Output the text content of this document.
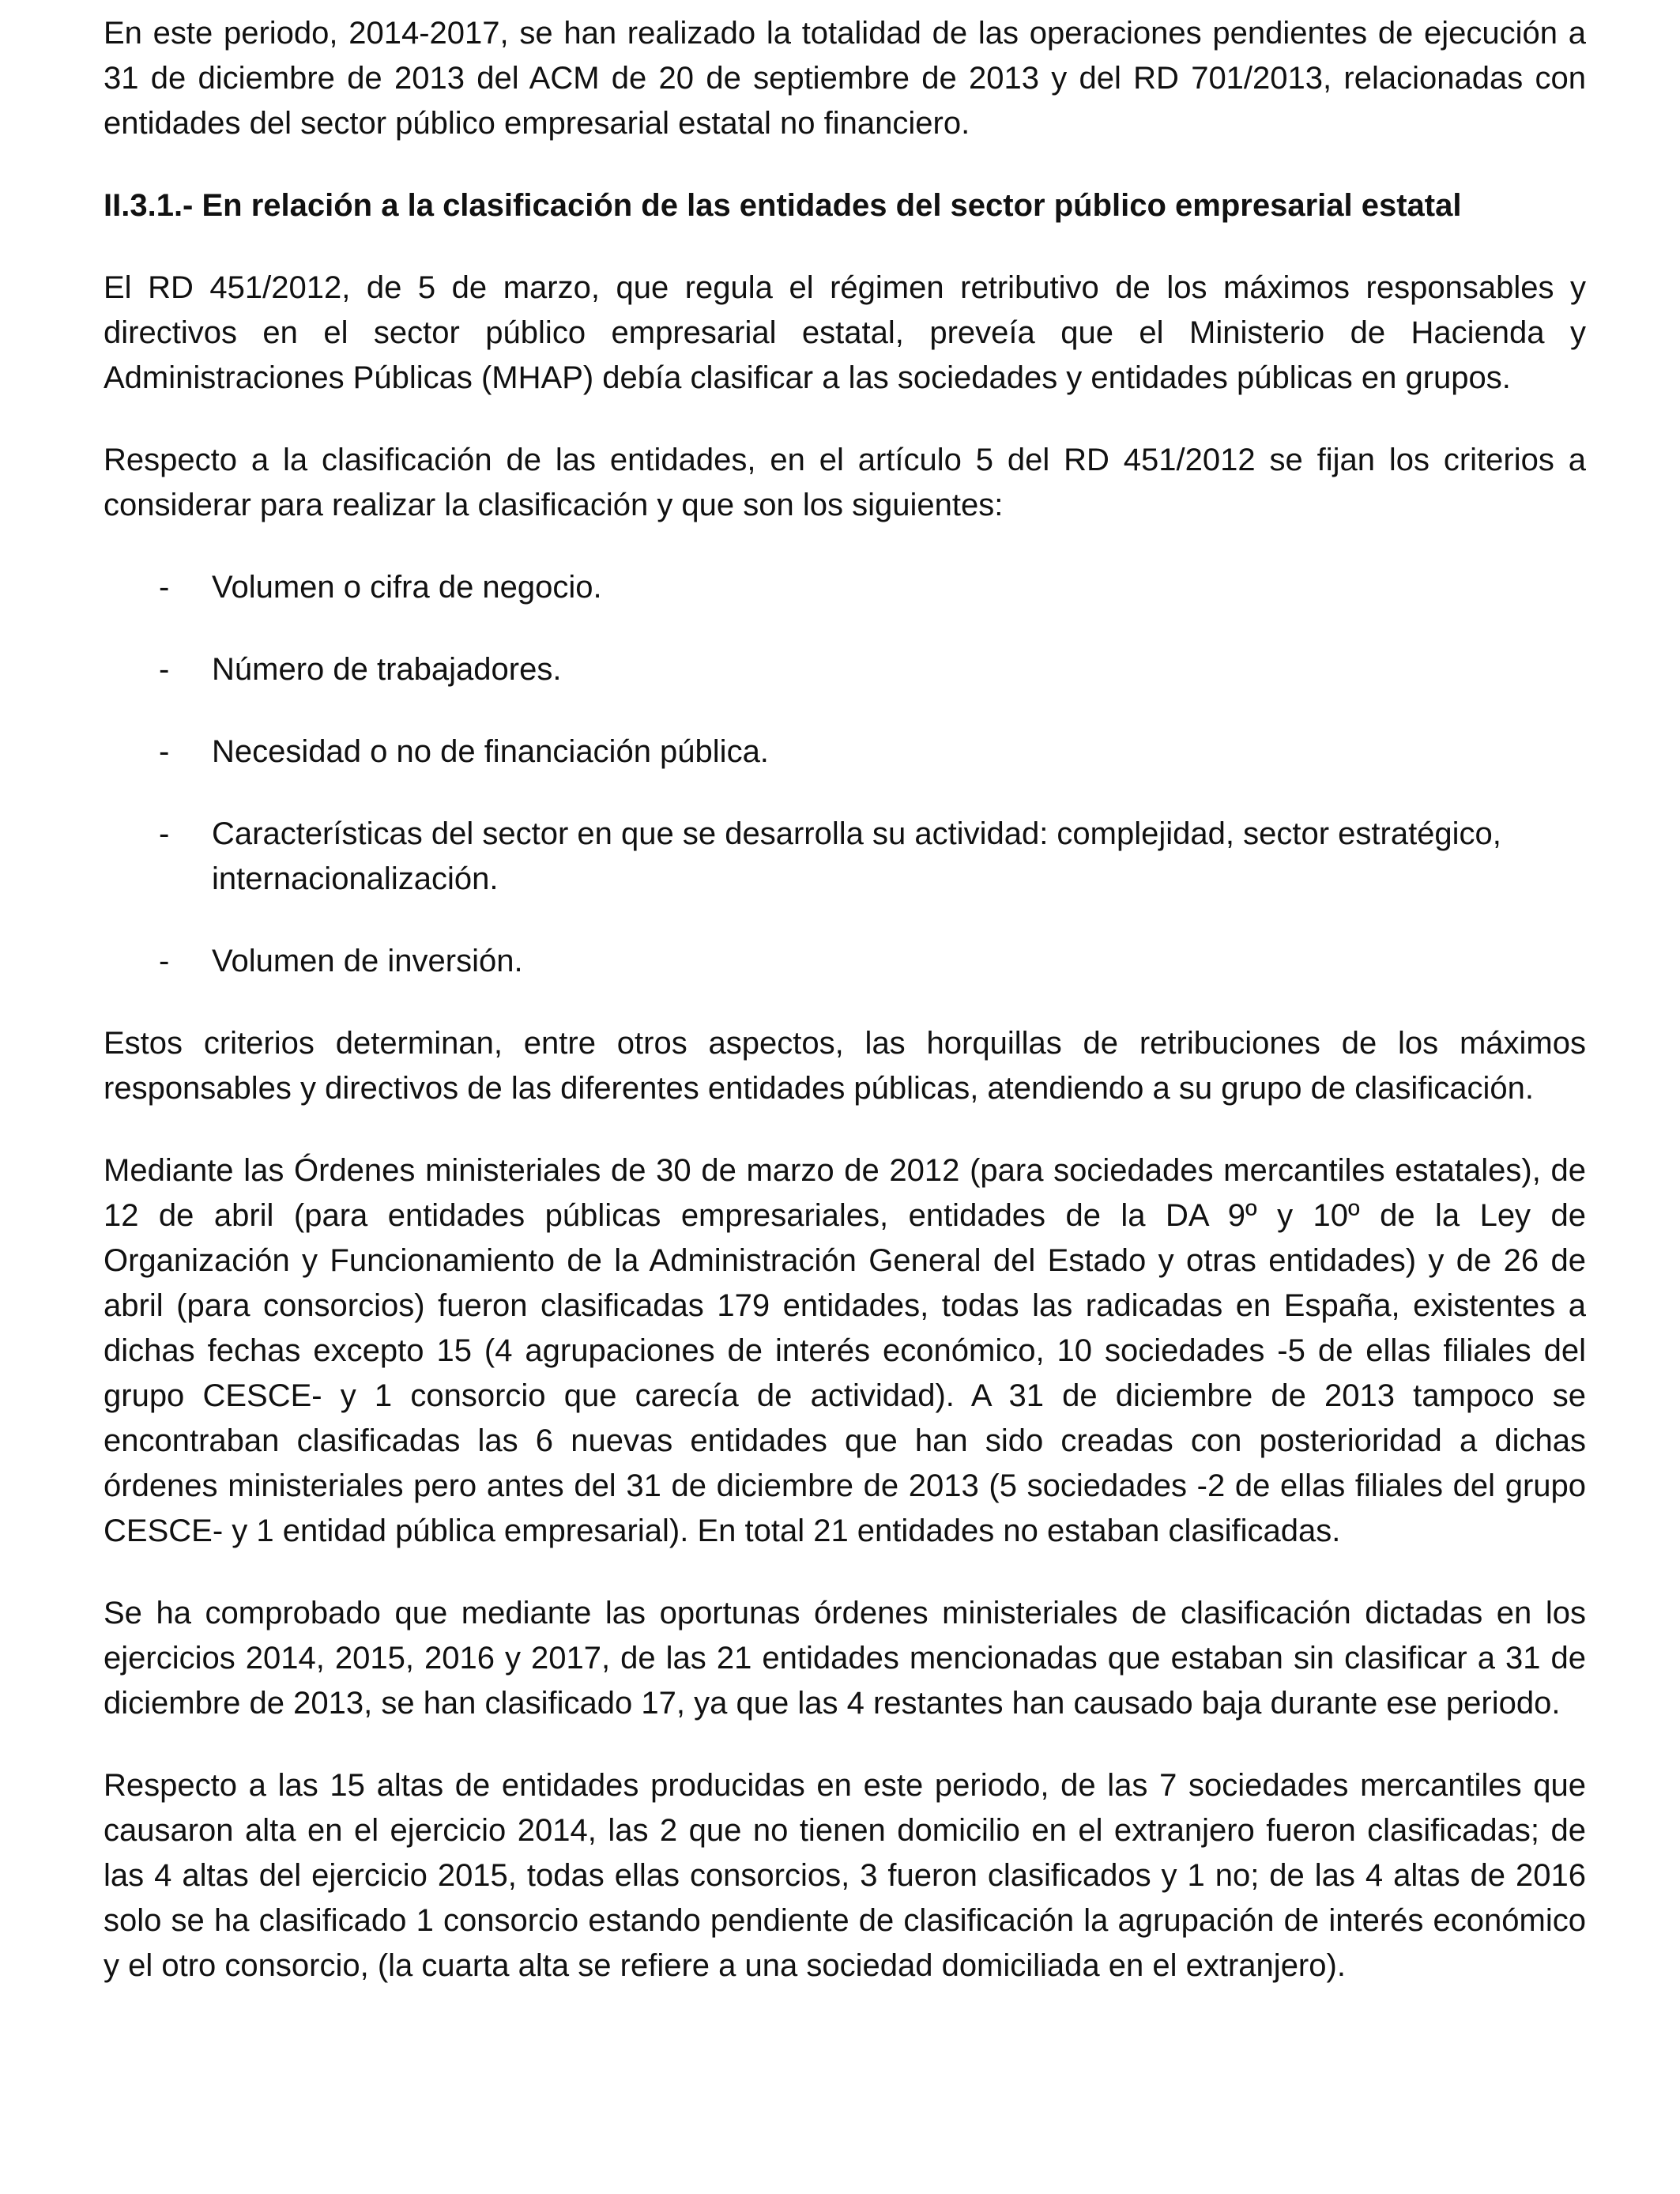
En este periodo, 2014-2017, se han realizado la totalidad de las operaciones pendientes de ejecución a 31 de diciembre de 2013 del ACM de 20 de septiembre de 2013 y del RD 701/2013, relacionadas con entidades del sector público empresarial estatal no financiero.

II.3.1.- En relación a la clasificación de las entidades del sector público empresarial estatal

El RD 451/2012, de 5 de marzo, que regula el régimen retributivo de los máximos responsables y directivos en el sector público empresarial estatal, preveía que el Ministerio de Hacienda y Administraciones Públicas (MHAP) debía clasificar a las sociedades y entidades públicas en grupos.

Respecto a la clasificación de las entidades, en el artículo 5 del RD 451/2012 se fijan los criterios a considerar para realizar la clasificación y que son los siguientes:

- Volumen o cifra de negocio.
- Número de trabajadores.
- Necesidad o no de financiación pública.
- Características del sector en que se desarrolla su actividad: complejidad, sector estratégico, internacionalización.
- Volumen de inversión.

Estos criterios determinan, entre otros aspectos, las horquillas de retribuciones de los máximos responsables y directivos de las diferentes entidades públicas, atendiendo a su grupo de clasificación.

Mediante las Órdenes ministeriales de 30 de marzo de 2012 (para sociedades mercantiles estatales), de 12 de abril (para entidades públicas empresariales, entidades de la DA 9º y 10º de la Ley de Organización y Funcionamiento de la Administración General del Estado y otras entidades) y de 26 de abril (para consorcios) fueron clasificadas 179 entidades, todas las radicadas en España, existentes a dichas fechas excepto 15 (4 agrupaciones de interés económico, 10 sociedades -5 de ellas filiales del grupo CESCE- y 1 consorcio que carecía de actividad). A 31 de diciembre de 2013 tampoco se encontraban clasificadas las 6 nuevas entidades que han sido creadas con posterioridad a dichas órdenes ministeriales pero antes del 31 de diciembre de 2013 (5 sociedades -2 de ellas filiales del grupo CESCE- y 1 entidad pública empresarial). En total 21 entidades no estaban clasificadas.

Se ha comprobado que mediante las oportunas órdenes ministeriales de clasificación dictadas en los ejercicios 2014, 2015, 2016 y 2017, de las 21 entidades mencionadas que estaban sin clasificar a 31 de diciembre de 2013, se han clasificado 17, ya que las 4 restantes han causado baja durante ese periodo.

Respecto a las 15 altas de entidades producidas en este periodo, de las 7 sociedades mercantiles que causaron alta en el ejercicio 2014, las 2 que no tienen domicilio en el extranjero fueron clasificadas; de las 4 altas del ejercicio 2015, todas ellas consorcios, 3 fueron clasificados y 1 no; de las 4 altas de 2016 solo se ha clasificado 1 consorcio estando pendiente de clasificación la agrupación de interés económico y el otro consorcio, (la cuarta alta se refiere a una sociedad domiciliada en el extranjero).
